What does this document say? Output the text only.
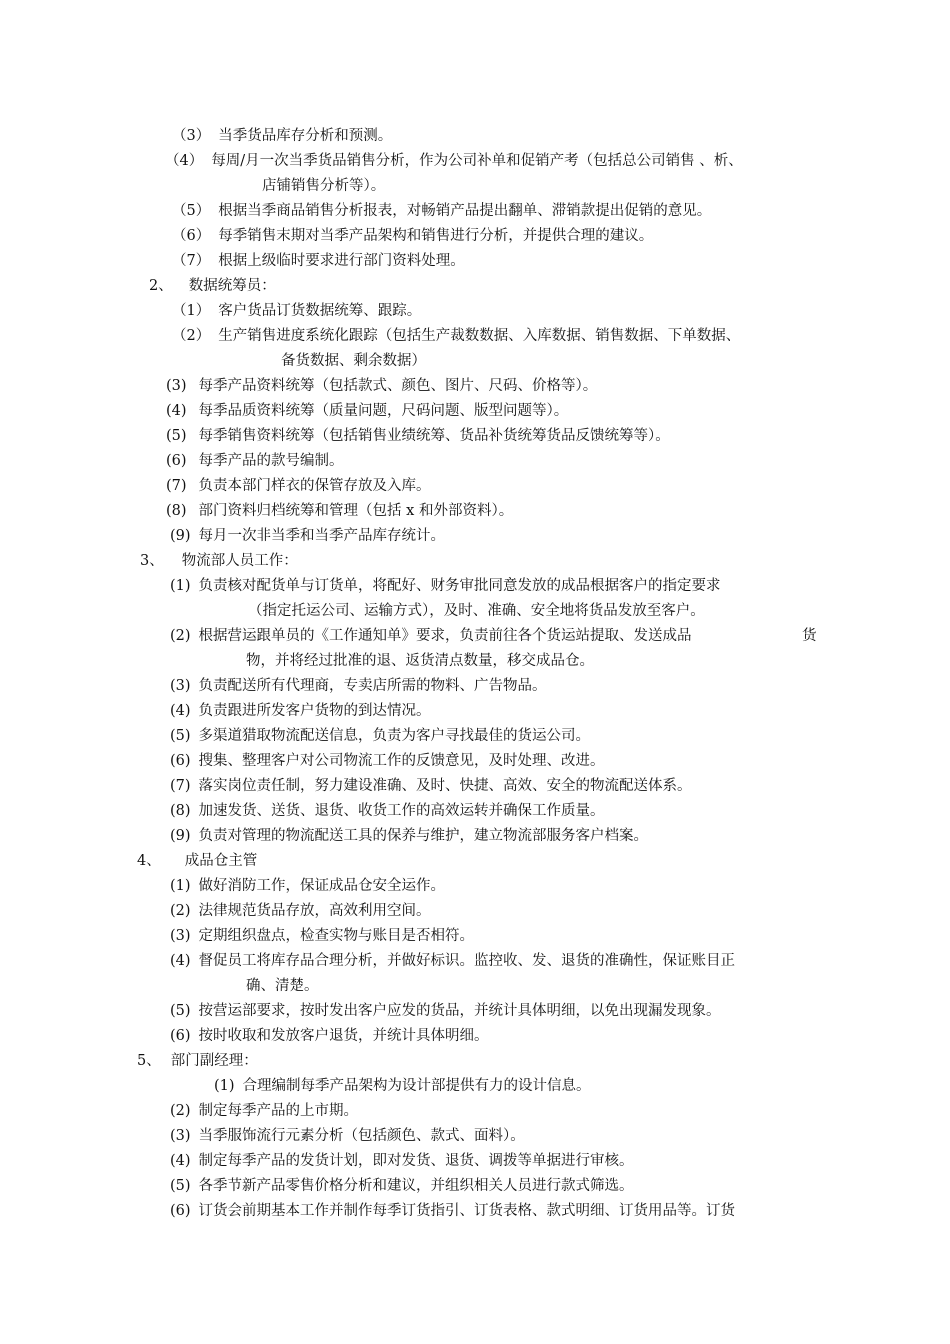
（3） 当季货品库存分析和预测。
（4） 每周/月一次当季货品销售分析，作为公司补单和促销产考（包括总公司销售 、析、
店铺销售分析等）。
（5） 根据当季商品销售分析报表，对畅销产品提出翻单、滞销款提出促销的意见。
（6） 每季销售末期对当季产品架构和销售进行分析，并提供合理的建议。
（7） 根据上级临时要求进行部门资料处理。
2、 数据统筹员：
（1） 客户货品订货数据统筹、跟踪。
（2） 生产销售进度系统化跟踪（包括生产裁数数据、入库数据、销售数据、下单数据、
备货数据、剩余数据）
(3) 每季产品资料统筹（包括款式、颜色、图片、尺码、价格等）。
(4) 每季品质资料统筹（质量问题，尺码问题、版型问题等）。
(5) 每季销售资料统筹（包括销售业绩统筹、货品补货统筹货品反馈统筹等）。
(6) 每季产品的款号编制。
(7) 负责本部门样衣的保管存放及入库。
(8) 部门资料归档统筹和管理（包括 x 和外部资料）。
(9) 每月一次非当季和当季产品库存统计。
3、 物流部人员工作：
(1) 负责核对配货单与订货单，将配好、财务审批同意发放的成品根据客户的指定要求
（指定托运公司、运输方式），及时、准确、安全地将货品发放至客户。
(2) 根据营运跟单员的《工作通知单》要求，负责前往各个货运站提取、发送成品	货
物，并将经过批准的退、返货清点数量，移交成品仓。
(3) 负责配送所有代理商，专卖店所需的物料、广告物品。
(4) 负责跟进所发客户货物的到达情况。
(5) 多渠道猎取物流配送信息，负责为客户寻找最佳的货运公司。
(6) 搜集、整理客户对公司物流工作的反馈意见，及时处理、改进。
(7) 落实岗位责任制，努力建设准确、及时、快捷、高效、安全的物流配送体系。
(8) 加速发货、送货、退货、收货工作的高效运转并确保工作质量。
(9) 负责对管理的物流配送工具的保养与维护，建立物流部服务客户档案。
4、 成品仓主管
(1) 做好消防工作，保证成品仓安全运作。
(2) 法律规范货品存放，高效利用空间。
(3) 定期组织盘点，检查实物与账目是否相符。
(4) 督促员工将库存品合理分析，并做好标识。监控收、发、退货的准确性，保证账目正
确、清楚。
(5) 按营运部要求，按时发出客户应发的货品，并统计具体明细，以免出现漏发现象。
(6) 按时收取和发放客户退货，并统计具体明细。
5、 部门副经理：
(1) 合理编制每季产品架构为设计部提供有力的设计信息。
(2) 制定每季产品的上市期。
(3) 当季服饰流行元素分析（包括颜色、款式、面料）。
(4) 制定每季产品的发货计划，即对发货、退货、调拨等单据进行审核。
(5) 各季节新产品零售价格分析和建议，并组织相关人员进行款式筛选。
(6) 订货会前期基本工作并制作每季订货指引、订货表格、款式明细、订货用品等。订货
